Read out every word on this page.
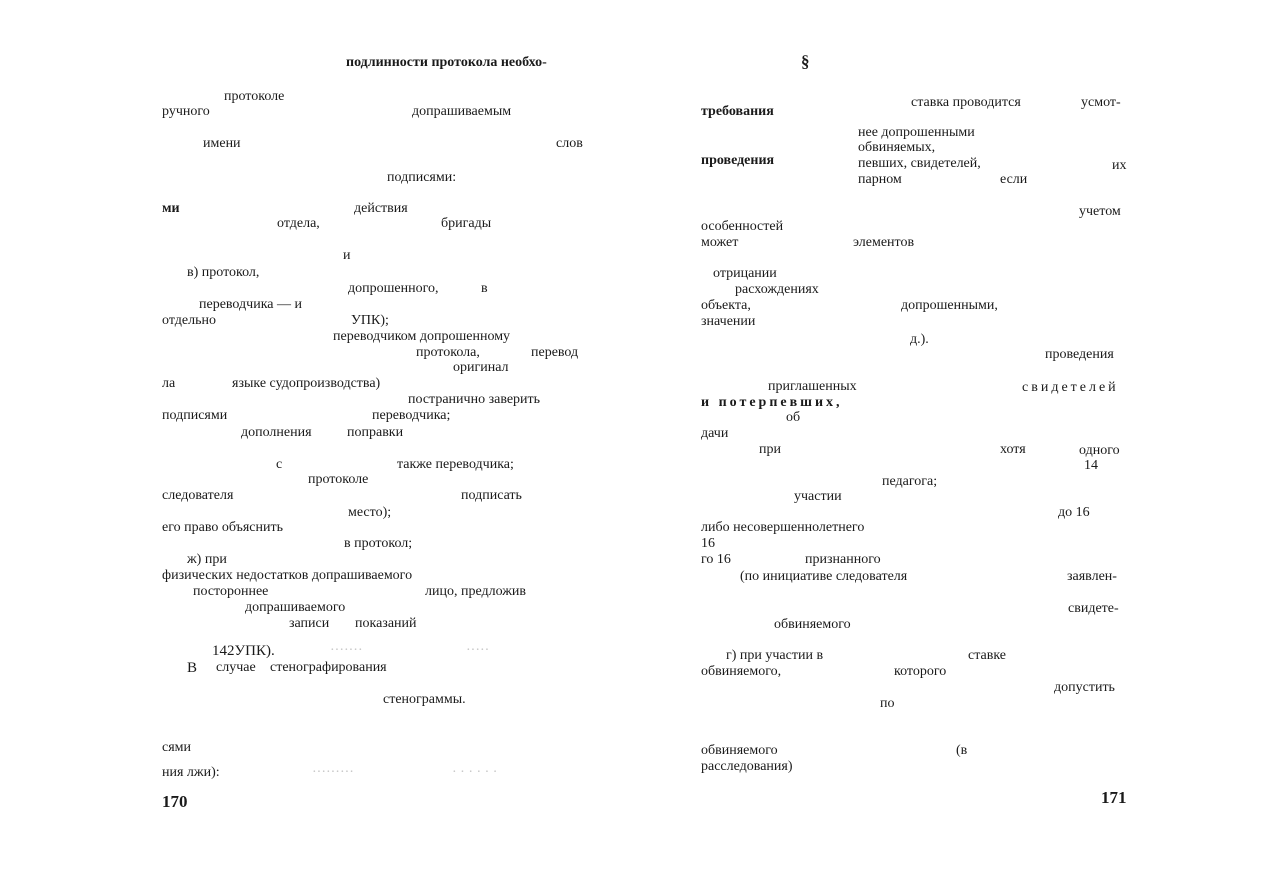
подлинности протокола необхо-
протоколе
ручного	допрашиваемым
имени	слов
подписями:
ми	действия
отдела,	бригады
и
в) протокол,
допрошенного,	в
переводчика — и
отдельно	УПК);
переводчиком допрошенному
протокола,	перевод
оригинал
ла	языке судопроизводства)
постранично заверить
подписями	переводчика;
дополнения	поправки
с	также переводчика;
протоколе
следователя	подписать
место);
его право объяснить
в протокол;
ж) при
физических недостатков допрашиваемого
постороннее	лицо, предложив
допрашиваемого
записи показаний
142УПК).	·······	·····
В случае стенографирования
стенограммы.
сями
ния лжи):	·········	· · · · · ·
170
§
ставка проводится	усмот-
требования
нее допрошенными
обвиняемых,
проведения	певших, свидетелей,	их
парном	если
учетом
особенностей
может	элементов
отрицании
расхождениях
объекта,	допрошенными,
значении
д.).
проведения
приглашенных	свидетелей
и потерпевших,
об
дачи
при	хотя	одного
14
педагога;
участии
до 16
либо несовершеннолетнего
16
го 16	признанного
(по инициативе следователя	заявлен-
свидете-
обвиняемого
г) при участии в	ставке
обвиняемого,	которого
допустить
по
обвиняемого	(в
расследования)
171
